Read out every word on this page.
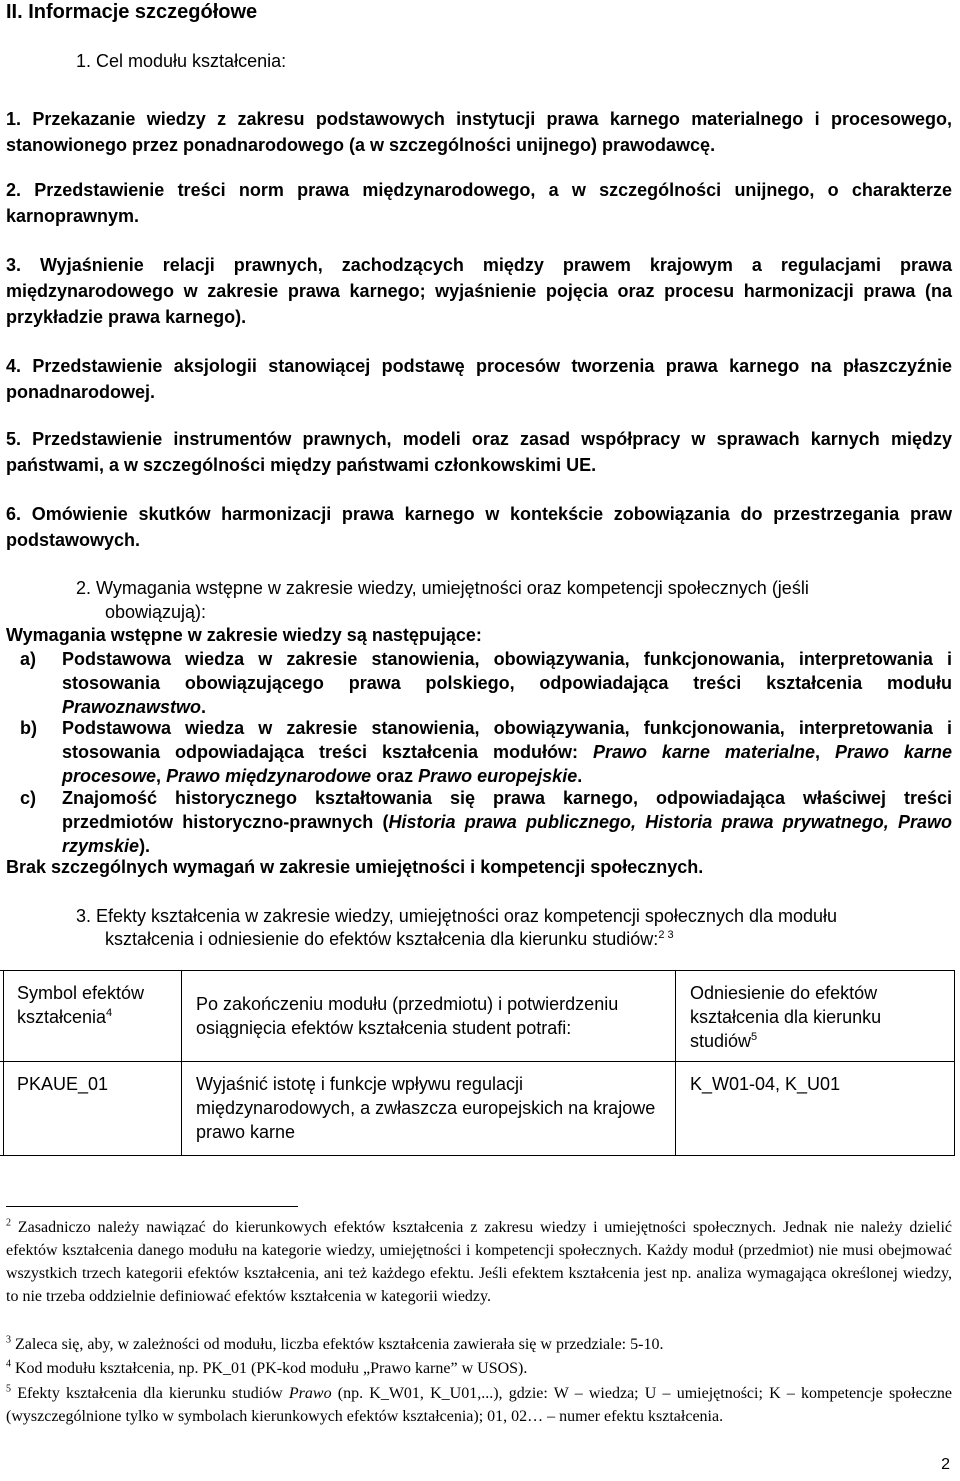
II. Informacje szczegółowe
1. Cel modułu kształcenia:
1. Przekazanie wiedzy z zakresu podstawowych instytucji prawa karnego materialnego i procesowego, stanowionego przez ponadnarodowego (a w szczególności unijnego) prawodawcę.
2. Przedstawienie treści norm prawa międzynarodowego, a w szczególności unijnego, o charakterze karnoprawnym.
3. Wyjaśnienie relacji prawnych, zachodzących między prawem krajowym a regulacjami prawa międzynarodowego w zakresie prawa karnego; wyjaśnienie pojęcia oraz procesu harmonizacji prawa (na przykładzie prawa karnego).
4. Przedstawienie aksjologii stanowiącej podstawę procesów tworzenia prawa karnego na płaszczyźnie ponadnarodowej.
5. Przedstawienie instrumentów prawnych, modeli oraz zasad współpracy w sprawach karnych między państwami, a w szczególności między państwami członkowskimi UE.
6. Omówienie skutków harmonizacji prawa karnego w kontekście zobowiązania do przestrzegania praw podstawowych.
2. Wymagania wstępne w zakresie wiedzy, umiejętności oraz kompetencji społecznych (jeśli
obowiązują):
Wymagania wstępne w zakresie wiedzy są następujące:
a) Podstawowa wiedza w zakresie stanowienia, obowiązywania, funkcjonowania, interpretowania i stosowania obowiązującego prawa polskiego, odpowiadająca treści kształcenia modułu Prawoznawstwo.
b) Podstawowa wiedza w zakresie stanowienia, obowiązywania, funkcjonowania, interpretowania i stosowania odpowiadająca treści kształcenia modułów: Prawo karne materialne, Prawo karne procesowe, Prawo międzynarodowe oraz Prawo europejskie.
c) Znajomość historycznego kształtowania się prawa karnego, odpowiadająca właściwej treści przedmiotów historyczno-prawnych (Historia prawa publicznego, Historia prawa prywatnego, Prawo rzymskie).
Brak szczególnych wymagań w zakresie umiejętności i kompetencji społecznych.
3. Efekty kształcenia w zakresie wiedzy, umiejętności oraz kompetencji społecznych dla modułu
kształcenia i odniesienie do efektów kształcenia dla kierunku studiów:$^{2 3}$
Symbol efektów kształcenia$^4$	Po zakończeniu modułu (przedmiotu) i potwierdzeniu osiągnięcia efektów kształcenia student potrafi:
Odniesienie do efektów kształcenia dla kierunku studiów$^5$
PKAUE_01	Wyjaśnić istotę i funkcje wpływu regulacji międzynarodowych, a zwłaszcza europejskich na krajowe prawo karne
K_W01-04, K_U01
$^2$ Zasadniczo należy nawiązać do kierunkowych efektów kształcenia z zakresu wiedzy i umiejętności społecznych. Jednak nie należy dzielić efektów kształcenia danego modułu na kategorie wiedzy, umiejętności i kompetencji społecznych. Każdy moduł (przedmiot) nie musi obejmować wszystkich trzech kategorii efektów kształcenia, ani też każdego efektu. Jeśli efektem kształcenia jest np. analiza wymagająca określonej wiedzy, to nie trzeba oddzielnie definiować efektów kształcenia w kategorii wiedzy.
$^3$ Zaleca się, aby, w zależności od modułu, liczba efektów kształcenia zawierała się w przedziale: 5-10.
$^4$ Kod modułu kształcenia, np. PK_01 (PK-kod modułu „Prawo karne” w USOS).
$^5$ Efekty kształcenia dla kierunku studiów Prawo (np. K_W01, K_U01,...), gdzie: W – wiedza; U – umiejętności; K – kompetencje społeczne (wyszczególnione tylko w symbolach kierunkowych efektów kształcenia); 01, 02… – numer efektu kształcenia.
2
